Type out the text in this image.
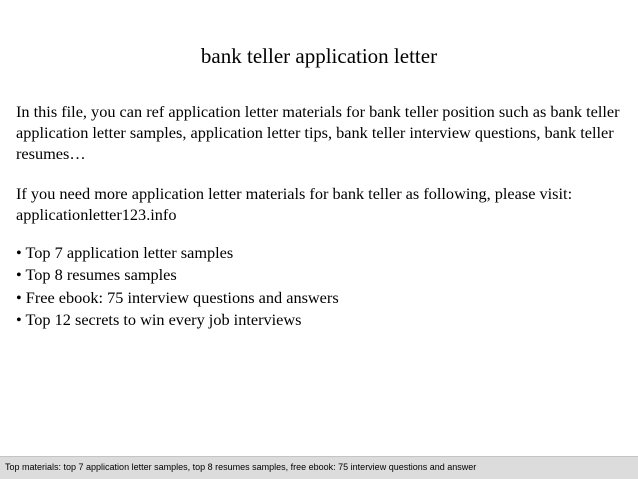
bank teller application letter
In this file, you can ref application letter materials for bank teller position such as bank teller application letter samples, application letter tips, bank teller interview questions, bank teller resumes…
If you need more application letter materials for bank teller as following, please visit: applicationletter123.info
• Top 7 application letter samples
• Top 8 resumes samples
• Free ebook: 75 interview questions and answers
• Top 12 secrets to win every job interviews
Top materials: top 7 application letter samples, top 8 resumes samples, free ebook: 75 interview questions and answer
